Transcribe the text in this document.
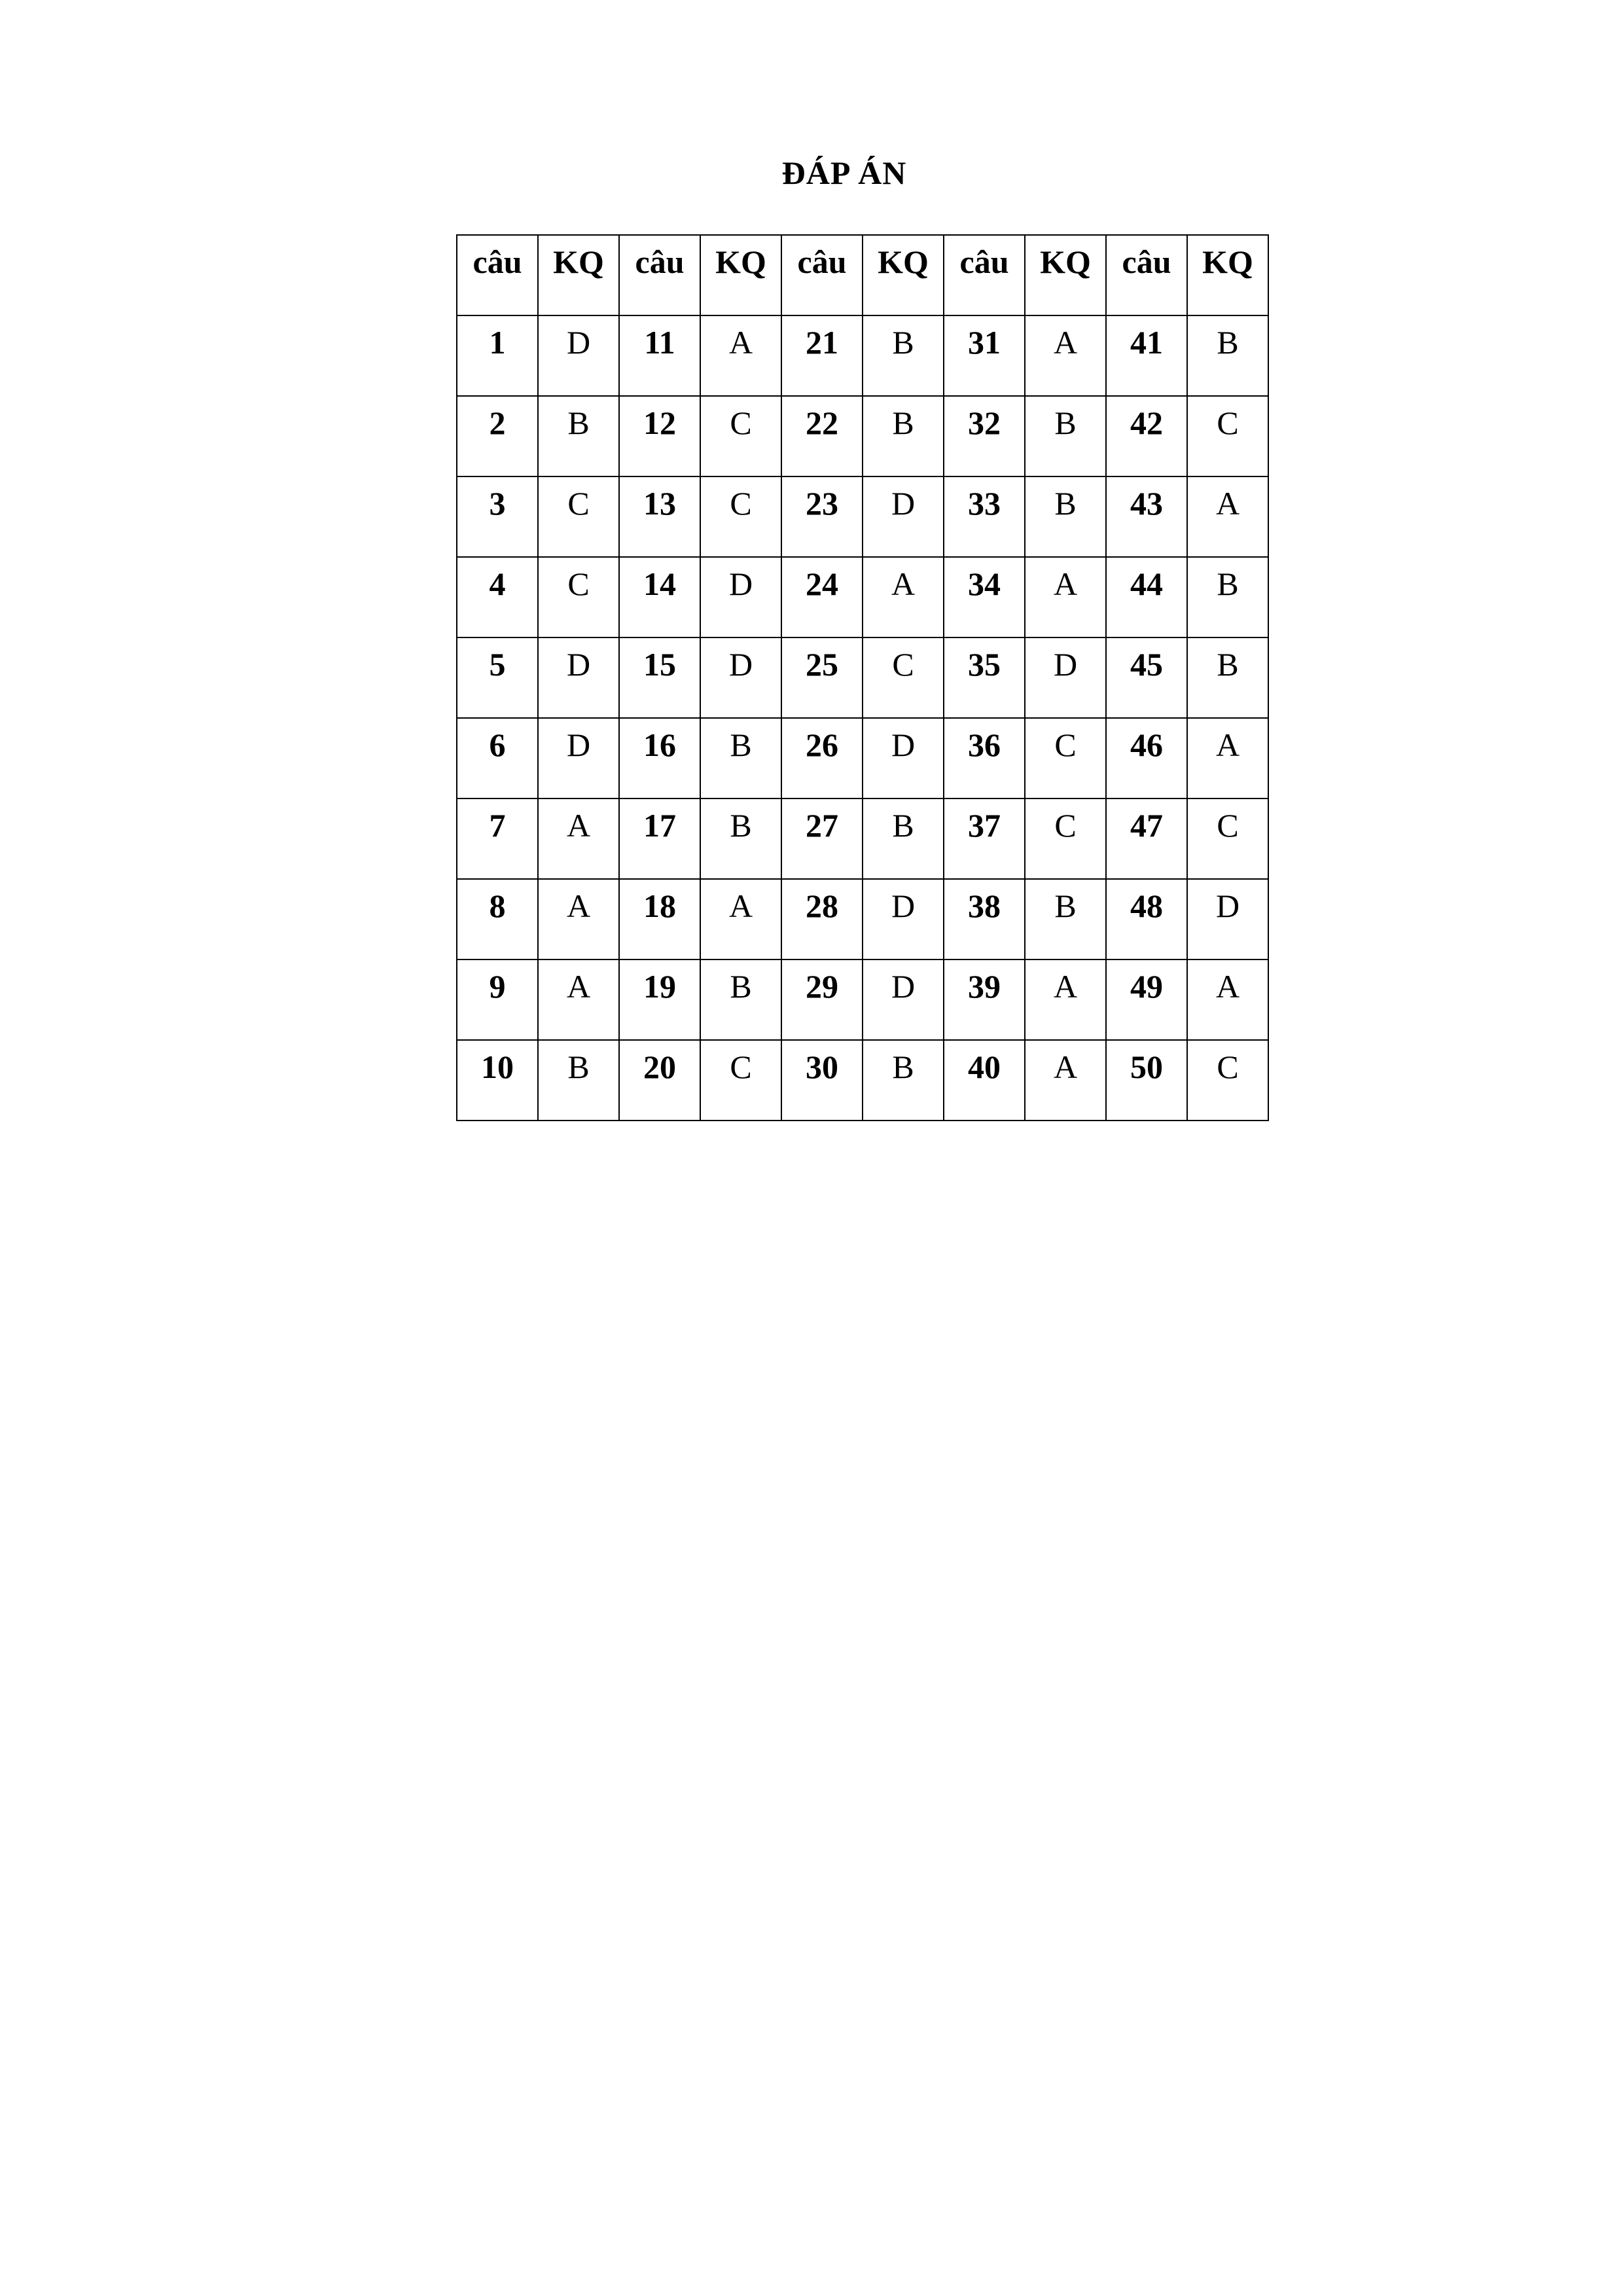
ĐÁP ÁN
câu	KQ	câu	KQ	câu	KQ	câu	KQ	câu	KQ
1	D	11	A	21	B	31	A	41	B
2	B	12	C	22	B	32	B	42	C
3	C	13	C	23	D	33	B	43	A
4	C	14	D	24	A	34	A	44	B
5	D	15	D	25	C	35	D	45	B
6	D	16	B	26	D	36	C	46	A
7	A	17	B	27	B	37	C	47	C
8	A	18	A	28	D	38	B	48	D
9	A	19	B	29	D	39	A	49	A
10	B	20	C	30	B	40	A	50	C
